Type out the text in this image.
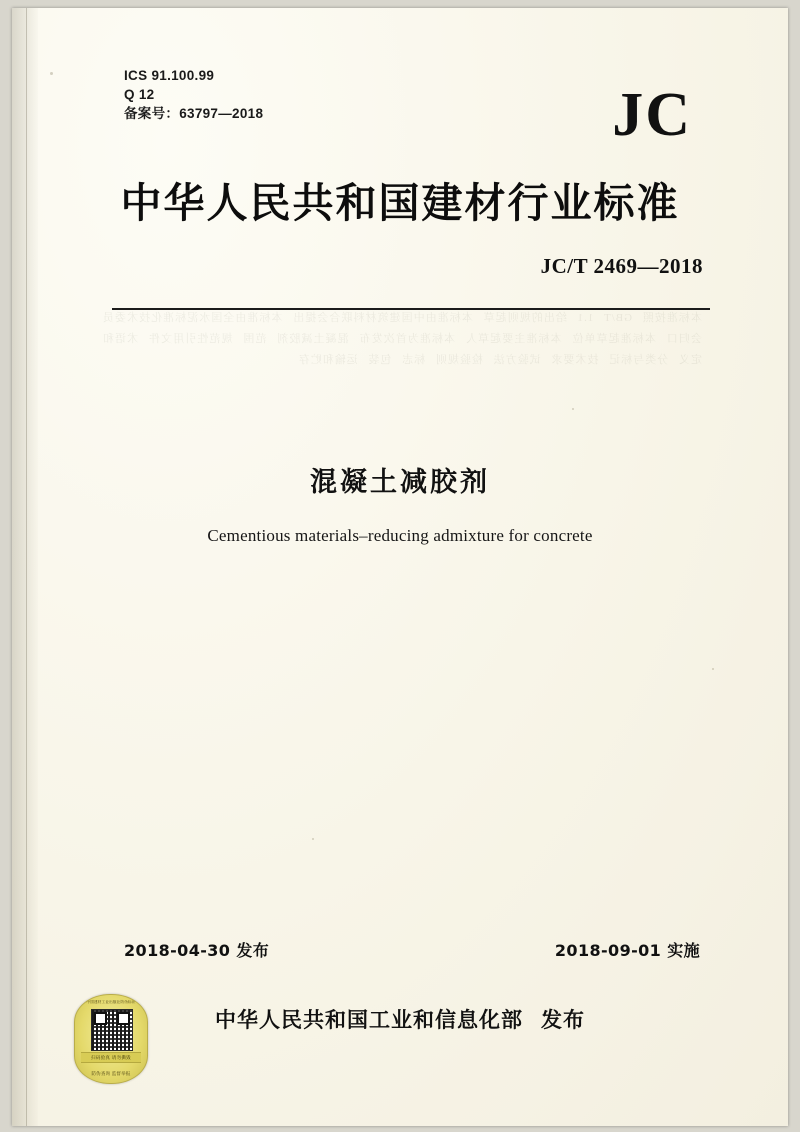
本标准按照 GB/T 1.1 给出的规则起草 本标准由中国建筑材料联合会提出 本标准由全国水泥标准化技术委员会归口 本标准起草单位 本标准主要起草人 本标准为首次发布 混凝土减胶剂 范围 规范性引用文件 术语和定义 分类与标记 技术要求 试验方法 检验规则 标志 包装 运输和贮存
ICS 91.100.99
Q 12
备案号：63797—2018	JC
中华人民共和国建材行业标准
JC/T 2469—2018
混凝土减胶剂
Cementious materials–reducing admixture for concrete
2018-04-30 发布	2018-09-01 实施
中华人民共和国工业和信息化部 发布
中国建材工业出版社防伪标识
扫码验真 请勿撕毁
防伪查询 监督举报
